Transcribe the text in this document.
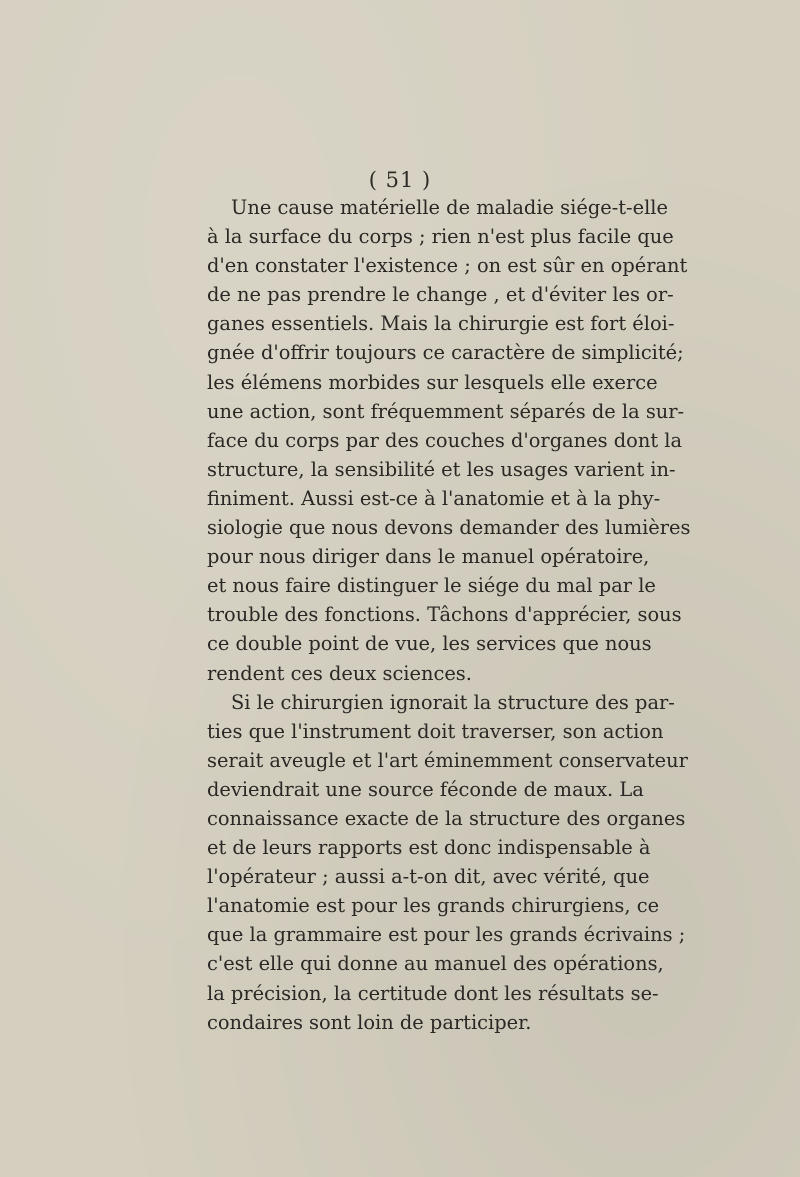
( 51 )
Une cause matérielle de maladie siége-t-elle
à la surface du corps ; rien n'est plus facile que
d'en constater l'existence ; on est sûr en opérant
de ne pas prendre le change , et d'éviter les or-
ganes essentiels. Mais la chirurgie est fort éloi-
gnée d'offrir toujours ce caractère de simplicité;
les élémens morbides sur lesquels elle exerce
une action, sont fréquemment séparés de la sur-
face du corps par des couches d'organes dont la
structure, la sensibilité et les usages varient in-
finiment. Aussi est-ce à l'anatomie et à la phy-
siologie que nous devons demander des lumières
pour nous diriger dans le manuel opératoire,
et nous faire distinguer le siége du mal par le
trouble des fonctions. Tâchons d'apprécier, sous
ce double point de vue, les services que nous
rendent ces deux sciences.
Si le chirurgien ignorait la structure des par-
ties que l'instrument doit traverser, son action
serait aveugle et l'art éminemment conservateur
deviendrait une source féconde de maux. La
connaissance exacte de la structure des organes
et de leurs rapports est donc indispensable à
l'opérateur ; aussi a-t-on dit, avec vérité, que
l'anatomie est pour les grands chirurgiens, ce
que la grammaire est pour les grands écrivains ;
c'est elle qui donne au manuel des opérations,
la précision, la certitude dont les résultats se-
condaires sont loin de participer.
